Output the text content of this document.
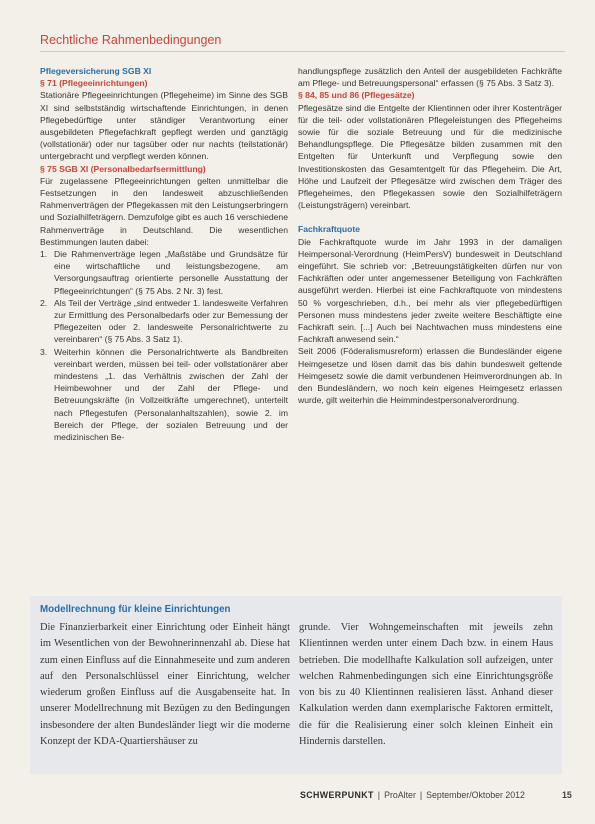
Rechtliche Rahmenbedingungen

Pflegeversicherung SGB XI

§ 71 (Pflegeeinrichtungen)

Stationäre Pflegeeinrichtungen (Pflegeheime) im Sinne des SGB XI sind selbstständig wirtschaftende Einrichtungen, in denen Pflegebedürftige unter ständiger Verantwortung einer ausgebildeten Pflegefachkraft gepflegt werden und ganztägig (vollstationär) oder nur tagsüber oder nur nachts (teilstationär) untergebracht und verpflegt werden können.

§ 75 SGB XI (Personalbedarfsermittlung)

Für zugelassene Pflegeeinrichtungen gelten unmittelbar die Festsetzungen in den landesweit abzuschließenden Rahmenverträgen der Pflegekassen mit den Leistungserbringern und Sozialhilfeträgern. Demzufolge gibt es auch 16 verschiedene Rahmenverträge in Deutschland. Die wesentlichen Bestimmungen lauten dabei:

1. Die Rahmenverträge legen „Maßstäbe und Grundsätze für eine wirtschaftliche und leistungsbezogene, am Versorgungsauftrag orientierte personelle Ausstattung der Pflegeeinrichtungen“ (§ 75 Abs. 2 Nr. 3) fest.
2. Als Teil der Verträge „sind entweder 1. landesweite Verfahren zur Ermittlung des Personalbedarfs oder zur Bemessung der Pflegezeiten oder 2. landesweite Personalrichtwerte zu vereinbaren“ (§ 75 Abs. 3 Satz 1).
3. Weiterhin können die Personalrichtwerte als Bandbreiten vereinbart werden, müssen bei teil- oder vollstationärer aber mindestens „1. das Verhältnis zwischen der Zahl der Heimbewohner und der Zahl der Pflege- und Betreuungskräfte (in Vollzeitkräfte umgerechnet), unterteilt nach Pflegestufen (Personalanhaltszahlen), sowie 2. im Bereich der Pflege, der sozialen Betreuung und der medizinischen Be-

handlungspflege zusätzlich den Anteil der ausgebildeten Fachkräfte am Pflege- und Betreuungspersonal“ erfassen (§ 75 Abs. 3 Satz 3).

§ 84, 85 und 86 (Pflegesätze)

Pflegesätze sind die Entgelte der Klientinnen oder ihrer Kostenträger für die teil- oder vollstationären Pflegeleistungen des Pflegeheims sowie für die soziale Betreuung und für die medizinische Behandlungspflege. Die Pflegesätze bilden zusammen mit den Entgelten für Unterkunft und Verpflegung sowie den Investitionskosten das Gesamtentgelt für das Pflegeheim. Die Art, Höhe und Laufzeit der Pflegesätze wird zwischen dem Träger des Pflegeheimes, den Pflegekassen sowie den Sozialhilfeträgern (Leistungsträgern) vereinbart.

Fachkraftquote

Die Fachkraftquote wurde im Jahr 1993 in der damaligen Heimpersonal-Verordnung (HeimPersV) bundesweit in Deutschland eingeführt. Sie schrieb vor: „Betreuungstätigkeiten dürfen nur von Fachkräften oder unter angemessener Beteiligung von Fachkräften ausgeführt werden. Hierbei ist eine Fachkraftquote von mindestens 50 % vorgeschrieben, d.h., bei mehr als vier pflegebedürftigen Personen muss mindestens jeder zweite weitere Beschäftigte eine Fachkraft sein. [...] Auch bei Nachtwachen muss mindestens eine Fachkraft anwesend sein.“

Seit 2006 (Föderalismusreform) erlassen die Bundesländer eigene Heimgesetze und lösen damit das bis dahin bundesweit geltende Heimgesetz sowie die damit verbundenen Heimverordnungen ab. In den Bundesländern, wo noch kein eigenes Heimgesetz erlassen wurde, gilt weiterhin die Heimmindestpersonalverordnung.

Modellrechnung für kleine Einrichtungen
Die Finanzierbarkeit einer Einrichtung oder Einheit hängt im Wesentlichen von der Bewohnerinnenzahl ab. Diese hat zum einen Einfluss auf die Einnahmeseite und zum anderen auf den Personalschlüssel einer Einrichtung, welcher wiederum großen Einfluss auf die Ausgabenseite hat. In unserer Modellrechnung mit Bezügen zu den Bedingungen insbesondere der alten Bundesländer liegt wir die moderne Konzept der KDA-Quartiershäuser zu
grunde. Vier Wohngemeinschaften mit jeweils zehn Klientinnen werden unter einem Dach bzw. in einem Haus betrieben. Die modellhafte Kalkulation soll aufzeigen, unter welchen Rahmenbedingungen sich eine Einrichtungsgröße von bis zu 40 Klientinnen realisieren lässt. Anhand dieser Kalkulation werden dann exemplarische Faktoren ermittelt, die für die Realisierung einer solch kleinen Einheit ein Hindernis darstellen.
SCHWERPUNKT | ProAlter | September/Oktober 2012	15
